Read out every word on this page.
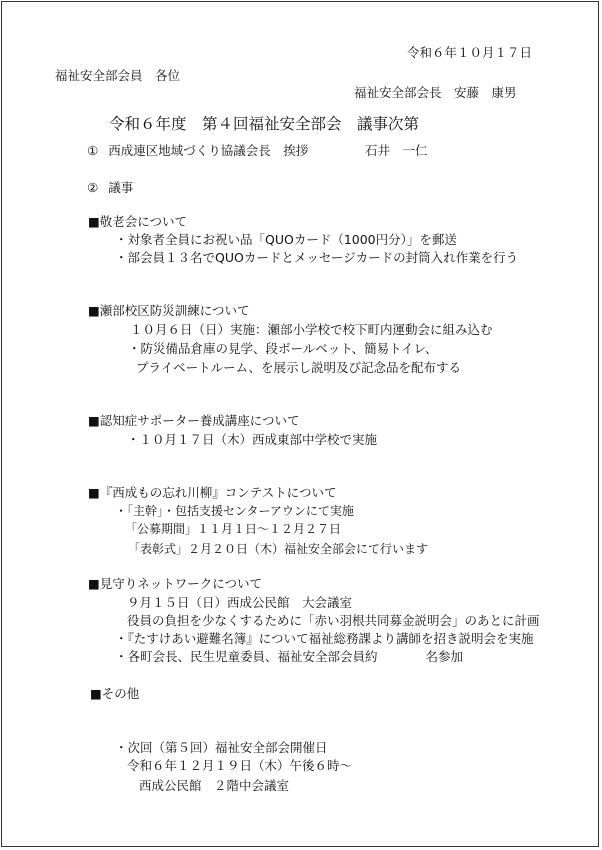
令和６年１０月１７日
福祉安全部会員　各位
福祉安全部会長　安藤　康男
令和６年度　第４回福祉安全部会　議事次第
① 西成連区地域づくり協議会長　挨拶	石井　一仁
② 議事
■敬老会について
・対象者全員にお祝い品「QUOカード（1000円分）」を郵送
・部会員１３名でQUOカードとメッセージカードの封筒入れ作業を行う
■瀬部校区防災訓練について
１０月６日（日）実施：瀬部小学校で校下町内運動会に組み込む
・防災備品倉庫の見学、段ボールベット、簡易トイレ、
プライベートルーム、を展示し説明及び記念品を配布する
■認知症サポーター養成講座について
・１０月１７日（木）西成東部中学校で実施
■『西成もの忘れ川柳』コンテストについて
・「主幹」・包括支援センターアウンにて実施
「公募期間」１１月１日～１２月２７日
「表彰式」２月２０日（木）福祉安全部会にて行います
■見守りネットワークについて
９月１５日（日）西成公民館　大会議室
役員の負担を少なくするために「赤い羽根共同募金説明会」のあとに計画
・『たすけあい避難名簿』について福祉総務課より講師を招き説明会を実施
・各町会長、民生児童委員、福祉安全部会員約	名参加
■その他
・次回（第５回）福祉安全部会開催日
令和６年１２月１９日（木）午後６時～
西成公民館　２階中会議室
